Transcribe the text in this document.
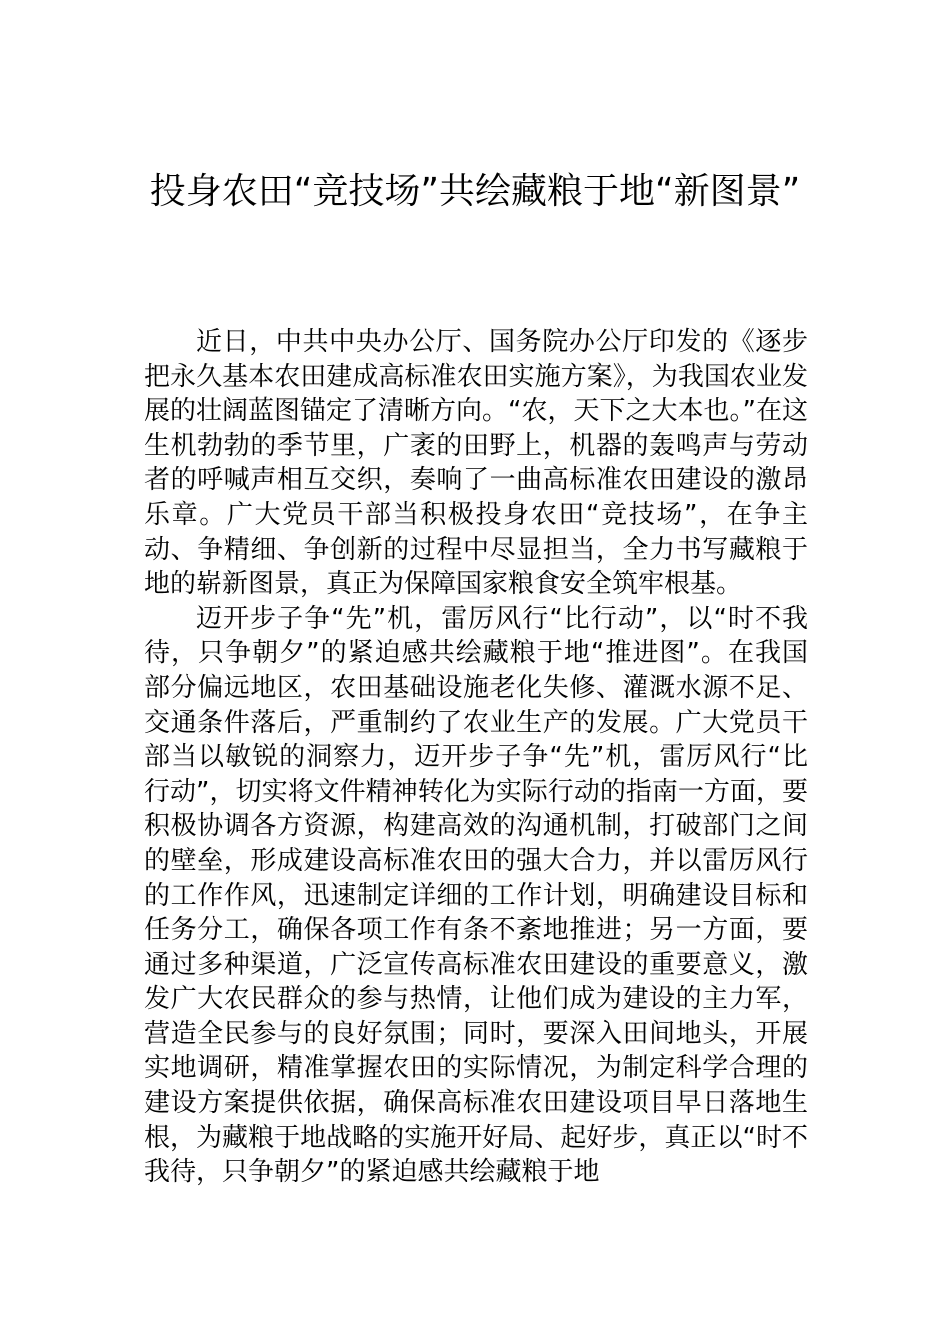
投身农田“竞技场”共绘藏粮于地“新图景”

近日，中共中央办公厅、国务院办公厅印发的《逐步把永久基本农田建成高标准农田实施方案》，为我国农业发展的壮阔蓝图锚定了清晰方向。“农，天下之大本也。”在这生机勃勃的季节里，广袤的田野上，机器的轰鸣声与劳动者的呼喊声相互交织，奏响了一曲高标准农田建设的激昂乐章。广大党员干部当积极投身农田“竞技场”，在争主动、争精细、争创新的过程中尽显担当，全力书写藏粮于地的崭新图景，真正为保障国家粮食安全筑牢根基。

迈开步子争“先”机，雷厉风行“比行动”，以“时不我待，只争朝夕”的紧迫感共绘藏粮于地“推进图”。在我国部分偏远地区，农田基础设施老化失修、灌溉水源不足、交通条件落后，严重制约了农业生产的发展。广大党员干部当以敏锐的洞察力，迈开步子争“先”机，雷厉风行“比行动”，切实将文件精神转化为实际行动的指南一方面，要积极协调各方资源，构建高效的沟通机制，打破部门之间的壁垒，形成建设高标准农田的强大合力，并以雷厉风行的工作作风，迅速制定详细的工作计划，明确建设目标和任务分工，确保各项工作有条不紊地推进；另一方面，要通过多种渠道，广泛宣传高标准农田建设的重要意义，激发广大农民群众的参与热情，让他们成为建设的主力军，营造全民参与的良好氛围；同时，要深入田间地头，开展实地调研，精准掌握农田的实际情况，为制定科学合理的建设方案提供依据，确保高标准农田建设项目早日落地生根，为藏粮于地战略的实施开好局、起好步，真正以“时不我待，只争朝夕”的紧迫感共绘藏粮于地
